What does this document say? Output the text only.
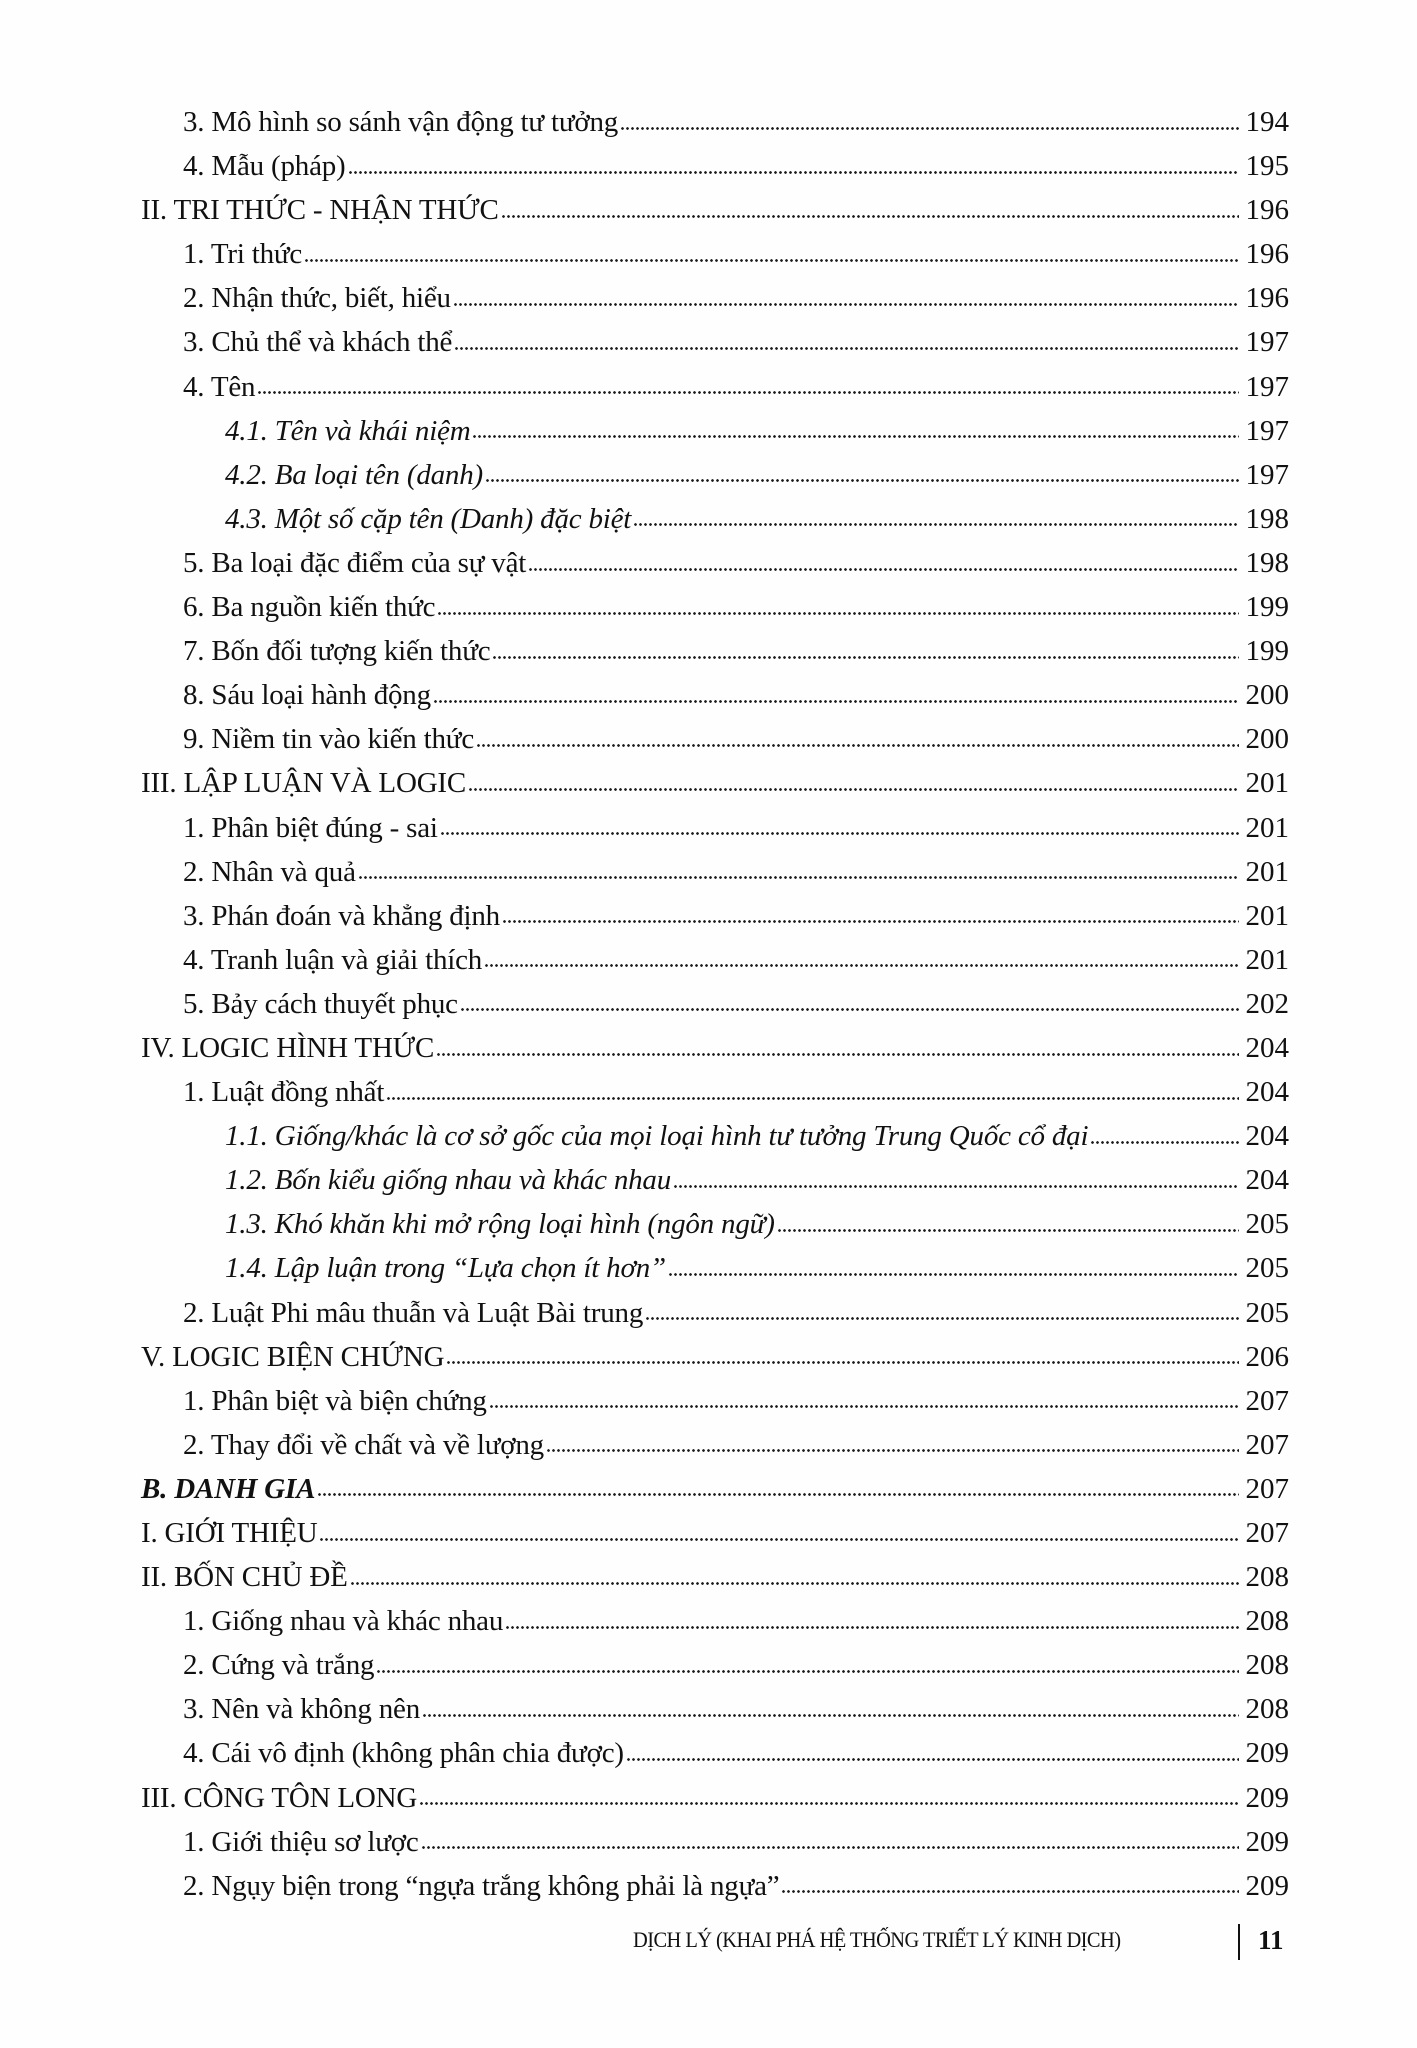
3. Mô hình so sánh vận động tư tưởng	194
4. Mẫu (pháp)	195
II. TRI THỨC - NHẬN THỨC	196
1. Tri thức	196
2. Nhận thức, biết, hiểu	196
3. Chủ thể và khách thể	197
4. Tên	197
4.1. Tên và khái niệm	197
4.2. Ba loại tên (danh)	197
4.3. Một số cặp tên (Danh) đặc biệt	198
5. Ba loại đặc điểm của sự vật	198
6. Ba nguồn kiến thức	199
7. Bốn đối tượng kiến thức	199
8. Sáu loại hành động	200
9. Niềm tin vào kiến thức	200
III. LẬP LUẬN VÀ LOGIC	201
1. Phân biệt đúng - sai	201
2. Nhân và quả	201
3. Phán đoán và khẳng định	201
4. Tranh luận và giải thích	201
5. Bảy cách thuyết phục	202
IV. LOGIC HÌNH THỨC	204
1. Luật đồng nhất	204
1.1. Giống/khác là cơ sở gốc của mọi loại hình tư tưởng Trung Quốc cổ đại	204
1.2. Bốn kiểu giống nhau và khác nhau	204
1.3. Khó khăn khi mở rộng loại hình (ngôn ngữ)	205
1.4. Lập luận trong “Lựa chọn ít hơn”	205
2. Luật Phi mâu thuẫn và Luật Bài trung	205
V. LOGIC BIỆN CHỨNG	206
1. Phân biệt và biện chứng	207
2. Thay đổi về chất và về lượng	207
B. DANH GIA	207
I. GIỚI THIỆU	207
II. BỐN CHỦ ĐỀ	208
1. Giống nhau và khác nhau	208
2. Cứng và trắng	208
3. Nên và không nên	208
4. Cái vô định (không phân chia được)	209
III. CÔNG TÔN LONG	209
1. Giới thiệu sơ lược	209
2. Ngụy biện trong “ngựa trắng không phải là ngựa”	209
DỊCH LÝ (KHAI PHÁ HỆ THỐNG TRIẾT LÝ KINH DỊCH)	11
